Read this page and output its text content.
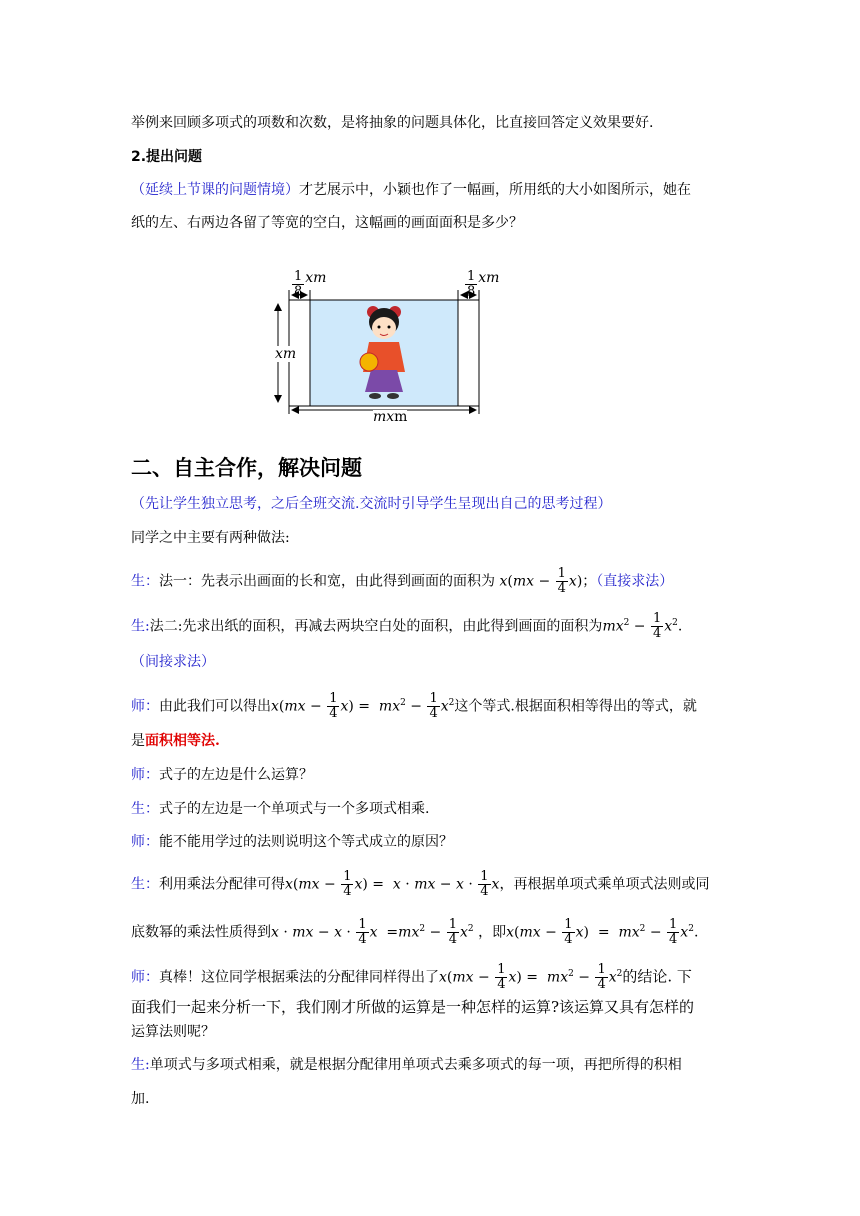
举例来回顾多项式的项数和次数，是将抽象的问题具体化，比直接回答定义效果要好.
2.提出问题
（延续上节课的问题情境）才艺展示中，小颖也作了一幅画，所用纸的大小如图所示，她在
纸的左、右两边各留了等宽的空白，这幅画的画面面积是多少？
$\frac{1}{8}$ xm	$\frac{1}{8}$ xm
xm
mxm
二、自主合作，解决问题
（先让学生独立思考，之后全班交流.交流时引导学生呈现出自己的思考过程）
同学之中主要有两种做法:
生：法一：先表示出画面的长和宽，由此得到画面的面积为 $x(mx - \frac{1}{4} x)$；（直接求法）
生:法二:先求出纸的面积，再减去两块空白处的面积，由此得到画面的面积为$mx^2 - \frac{1}{4} x^2$.
（间接求法）
师：由此我们可以得出$x(mx - \frac{1}{4} x) = mx^2 - \frac{1}{4} x^2$这个等式.根据面积相等得出的等式，就
是面积相等法.
师：式子的左边是什么运算？
生：式子的左边是一个单项式与一个多项式相乘.
师：能不能用学过的法则说明这个等式成立的原因？
生：利用乘法分配律可得$x(mx - \frac{1}{4} x) = x$ · mx − $x \cdot \frac{1}{4}$ x，再根据单项式乘单项式法则或同
底数幂的乘法性质得到x · mx − $x \cdot \frac{1}{4}$ $x =mx^2 - \frac{1}{4} x^2$ ，即$x(mx - \frac{1}{4} x) = mx^2 - \frac{1}{4} x^2$.
师：真棒！这位同学根据乘法的分配律同样得出了$x(mx - \frac{1}{4} x) = mx^2 - \frac{1}{4} x^2$的结论. 下
面我们一起来分析一下，我们刚才所做的运算是一种怎样的运算?该运算又具有怎样的
运算法则呢？
生:单项式与多项式相乘，就是根据分配律用单项式去乘多项式的每一项，再把所得的积相
加.
